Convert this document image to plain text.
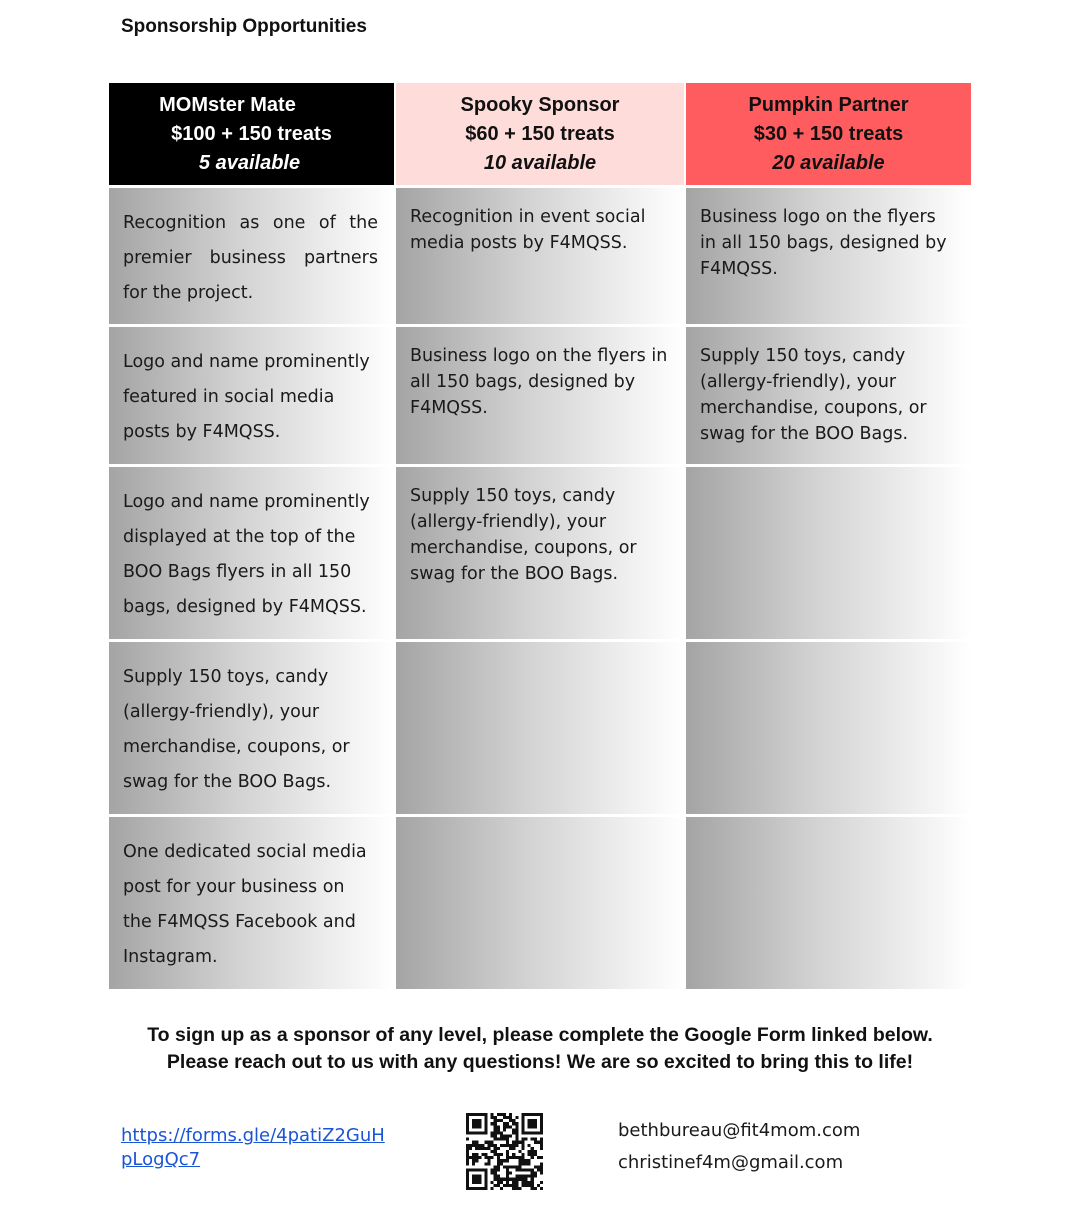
Sponsorship Opportunities
MOMster Mate
$100 + 150 treats
5 available
Spooky Sponsor
$60 + 150 treats
10 available
Pumpkin Partner
$30 + 150 treats
20 available
Recognition as one of the premier business partners for the project.
Recognition in event social media posts by F4MQSS.
Business logo on the flyers in all 150 bags, designed by F4MQSS.
Logo and name prominently featured in social media posts by F4MQSS.
Business logo on the flyers in all 150 bags, designed by F4MQSS.
Supply 150 toys, candy (allergy-friendly), your merchandise, coupons, or swag for the BOO Bags.
Logo and name prominently displayed at the top of the BOO Bags flyers in all 150 bags, designed by F4MQSS.
Supply 150 toys, candy (allergy-friendly), your merchandise, coupons, or swag for the BOO Bags.
Supply 150 toys, candy (allergy-friendly), your merchandise, coupons, or swag for the BOO Bags.
One dedicated social media post for your business on the F4MQSS Facebook and Instagram.
To sign up as a sponsor of any level, please complete the Google Form linked below.
Please reach out to us with any questions! We are so excited to bring this to life!
https://forms.gle/4patiZ2GuHpLogQc7
bethbureau@fit4mom.com
christinef4m@gmail.com
